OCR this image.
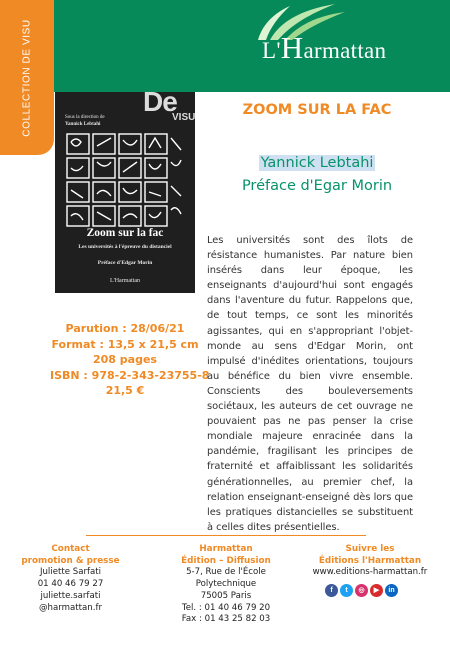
L'Harmattan
COLLECTION DE VISU	De
VISU
Sous la direction de
Yannick Lebtahi
Zoom sur la fac
Les universités à l'épreuve du distanciel
Préface d'Edgar Morin
L'Harmattan
Parution : 28/06/21
Format : 13,5 x 21,5 cm
208 pages
ISBN : 978-2-343-23755-8
21,5 €
ZOOM SUR LA FAC
Yannick Lebtahi
Préface d'Egar Morin
Les universités sont des îlots de résistance humanistes. Par nature bien insérés dans leur époque, les enseignants d'aujourd'hui sont engagés dans l'aventure du futur. Rappelons que, de tout temps, ce sont les minorités agissantes, qui en s'appropriant l'objet-monde au sens d'Edgar Morin, ont impulsé d'inédites orientations, toujours au bénéfice du bien vivre ensemble. Conscients des bouleversements sociétaux, les auteurs de cet ouvrage ne pouvaient pas ne pas penser la crise mondiale majeure enracinée dans la pandémie, fragilisant les principes de fraternité et affaiblissant les solidarités générationnelles, au premier chef, la relation enseignant-enseigné dès lors que les pratiques distancielles se substituent à celles dites présentielles.
Contact
promotion & presse
Juliette Sarfati
01 40 46 79 27
juliette.sarfati
@harmattan.fr
Harmattan
Édition – Diffusion
5-7, Rue de l'École
Polytechnique
75005 Paris
Tel. : 01 40 46 79 20
Fax : 01 43 25 82 03
Suivre les
Éditions l'Harmattan
www.editions-harmattan.fr
f	t	◎	▶	in
